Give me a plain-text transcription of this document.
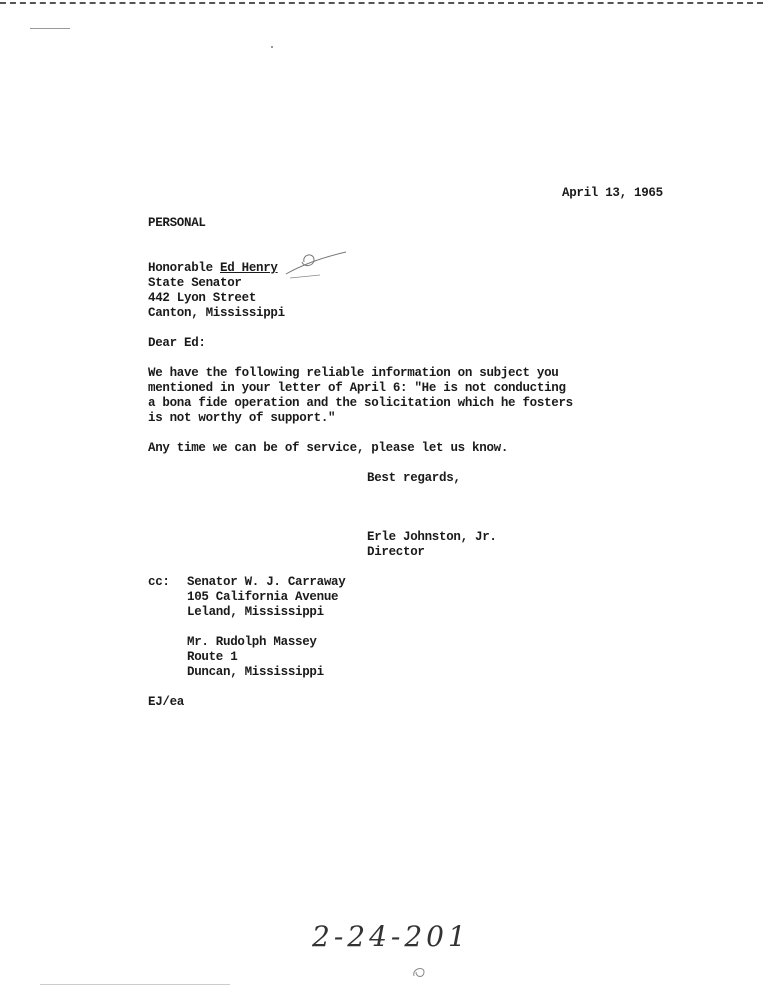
April 13, 1965
PERSONAL
Honorable Ed Henry
State Senator
442 Lyon Street
Canton, Mississippi
Dear Ed:
We have the following reliable information on subject you
mentioned in your letter of April 6: "He is not conducting
a bona fide operation and the solicitation which he fosters
is not worthy of support."
Any time we can be of service, please let us know.
Best regards,
Erle Johnston, Jr.
Director
cc: Senator W. J. Carraway
105 California Avenue
Leland, Mississippi
Mr. Rudolph Massey
Route 1
Duncan, Mississippi
EJ/ea
2-24-201
